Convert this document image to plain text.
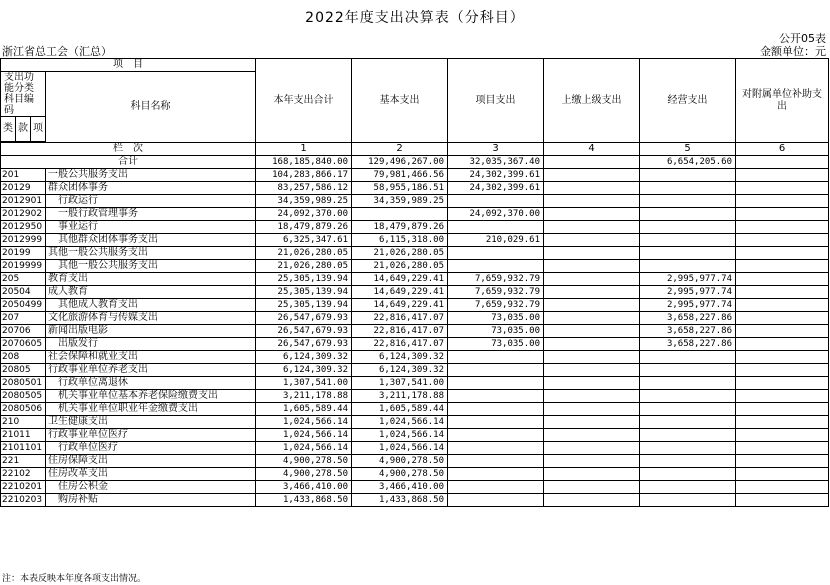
2022年度支出决算表（分科目）
公开05表
浙江省总工会（汇总）	金额单位：元
项　目				本年支出合计	基本支出	项目支出	上缴上级支出	经营支出	对附属单位补助支出
支出功能分类科目编码			科目名称						
类	款	项							

栏　次				1	2	3	4	5	6
合计				168,185,840.00	129,496,267.00	32,035,367.40		6,654,205.60	
201			一般公共服务支出	104,283,866.17	79,981,466.56	24,302,399.61			
20129			群众团体事务	83,257,586.12	58,955,186.51	24,302,399.61			
2012901			行政运行	34,359,989.25	34,359,989.25				
2012902			一般行政管理事务	24,092,370.00		24,092,370.00			
2012950			事业运行	18,479,879.26	18,479,879.26				
2012999			其他群众团体事务支出	6,325,347.61	6,115,318.00	210,029.61			
20199			其他一般公共服务支出	21,026,280.05	21,026,280.05				
2019999			其他一般公共服务支出	21,026,280.05	21,026,280.05				
205			教育支出	25,305,139.94	14,649,229.41	7,659,932.79		2,995,977.74	
20504			成人教育	25,305,139.94	14,649,229.41	7,659,932.79		2,995,977.74	
2050499			其他成人教育支出	25,305,139.94	14,649,229.41	7,659,932.79		2,995,977.74	
207			文化旅游体育与传媒支出	26,547,679.93	22,816,417.07	73,035.00		3,658,227.86	
20706			新闻出版电影	26,547,679.93	22,816,417.07	73,035.00		3,658,227.86	
2070605			出版发行	26,547,679.93	22,816,417.07	73,035.00		3,658,227.86	
208			社会保障和就业支出	6,124,309.32	6,124,309.32				
20805			行政事业单位养老支出	6,124,309.32	6,124,309.32				
2080501			行政单位离退休	1,307,541.00	1,307,541.00				
2080505			机关事业单位基本养老保险缴费支出	3,211,178.88	3,211,178.88				
2080506			机关事业单位职业年金缴费支出	1,605,589.44	1,605,589.44				
210			卫生健康支出	1,024,566.14	1,024,566.14				
21011			行政事业单位医疗	1,024,566.14	1,024,566.14				
2101101			行政单位医疗	1,024,566.14	1,024,566.14				
221			住房保障支出	4,900,278.50	4,900,278.50				
22102			住房改革支出	4,900,278.50	4,900,278.50				
2210201			住房公积金	3,466,410.00	3,466,410.00				
2210203			购房补贴	1,433,868.50	1,433,868.50				
注：本表反映本年度各项支出情况。
